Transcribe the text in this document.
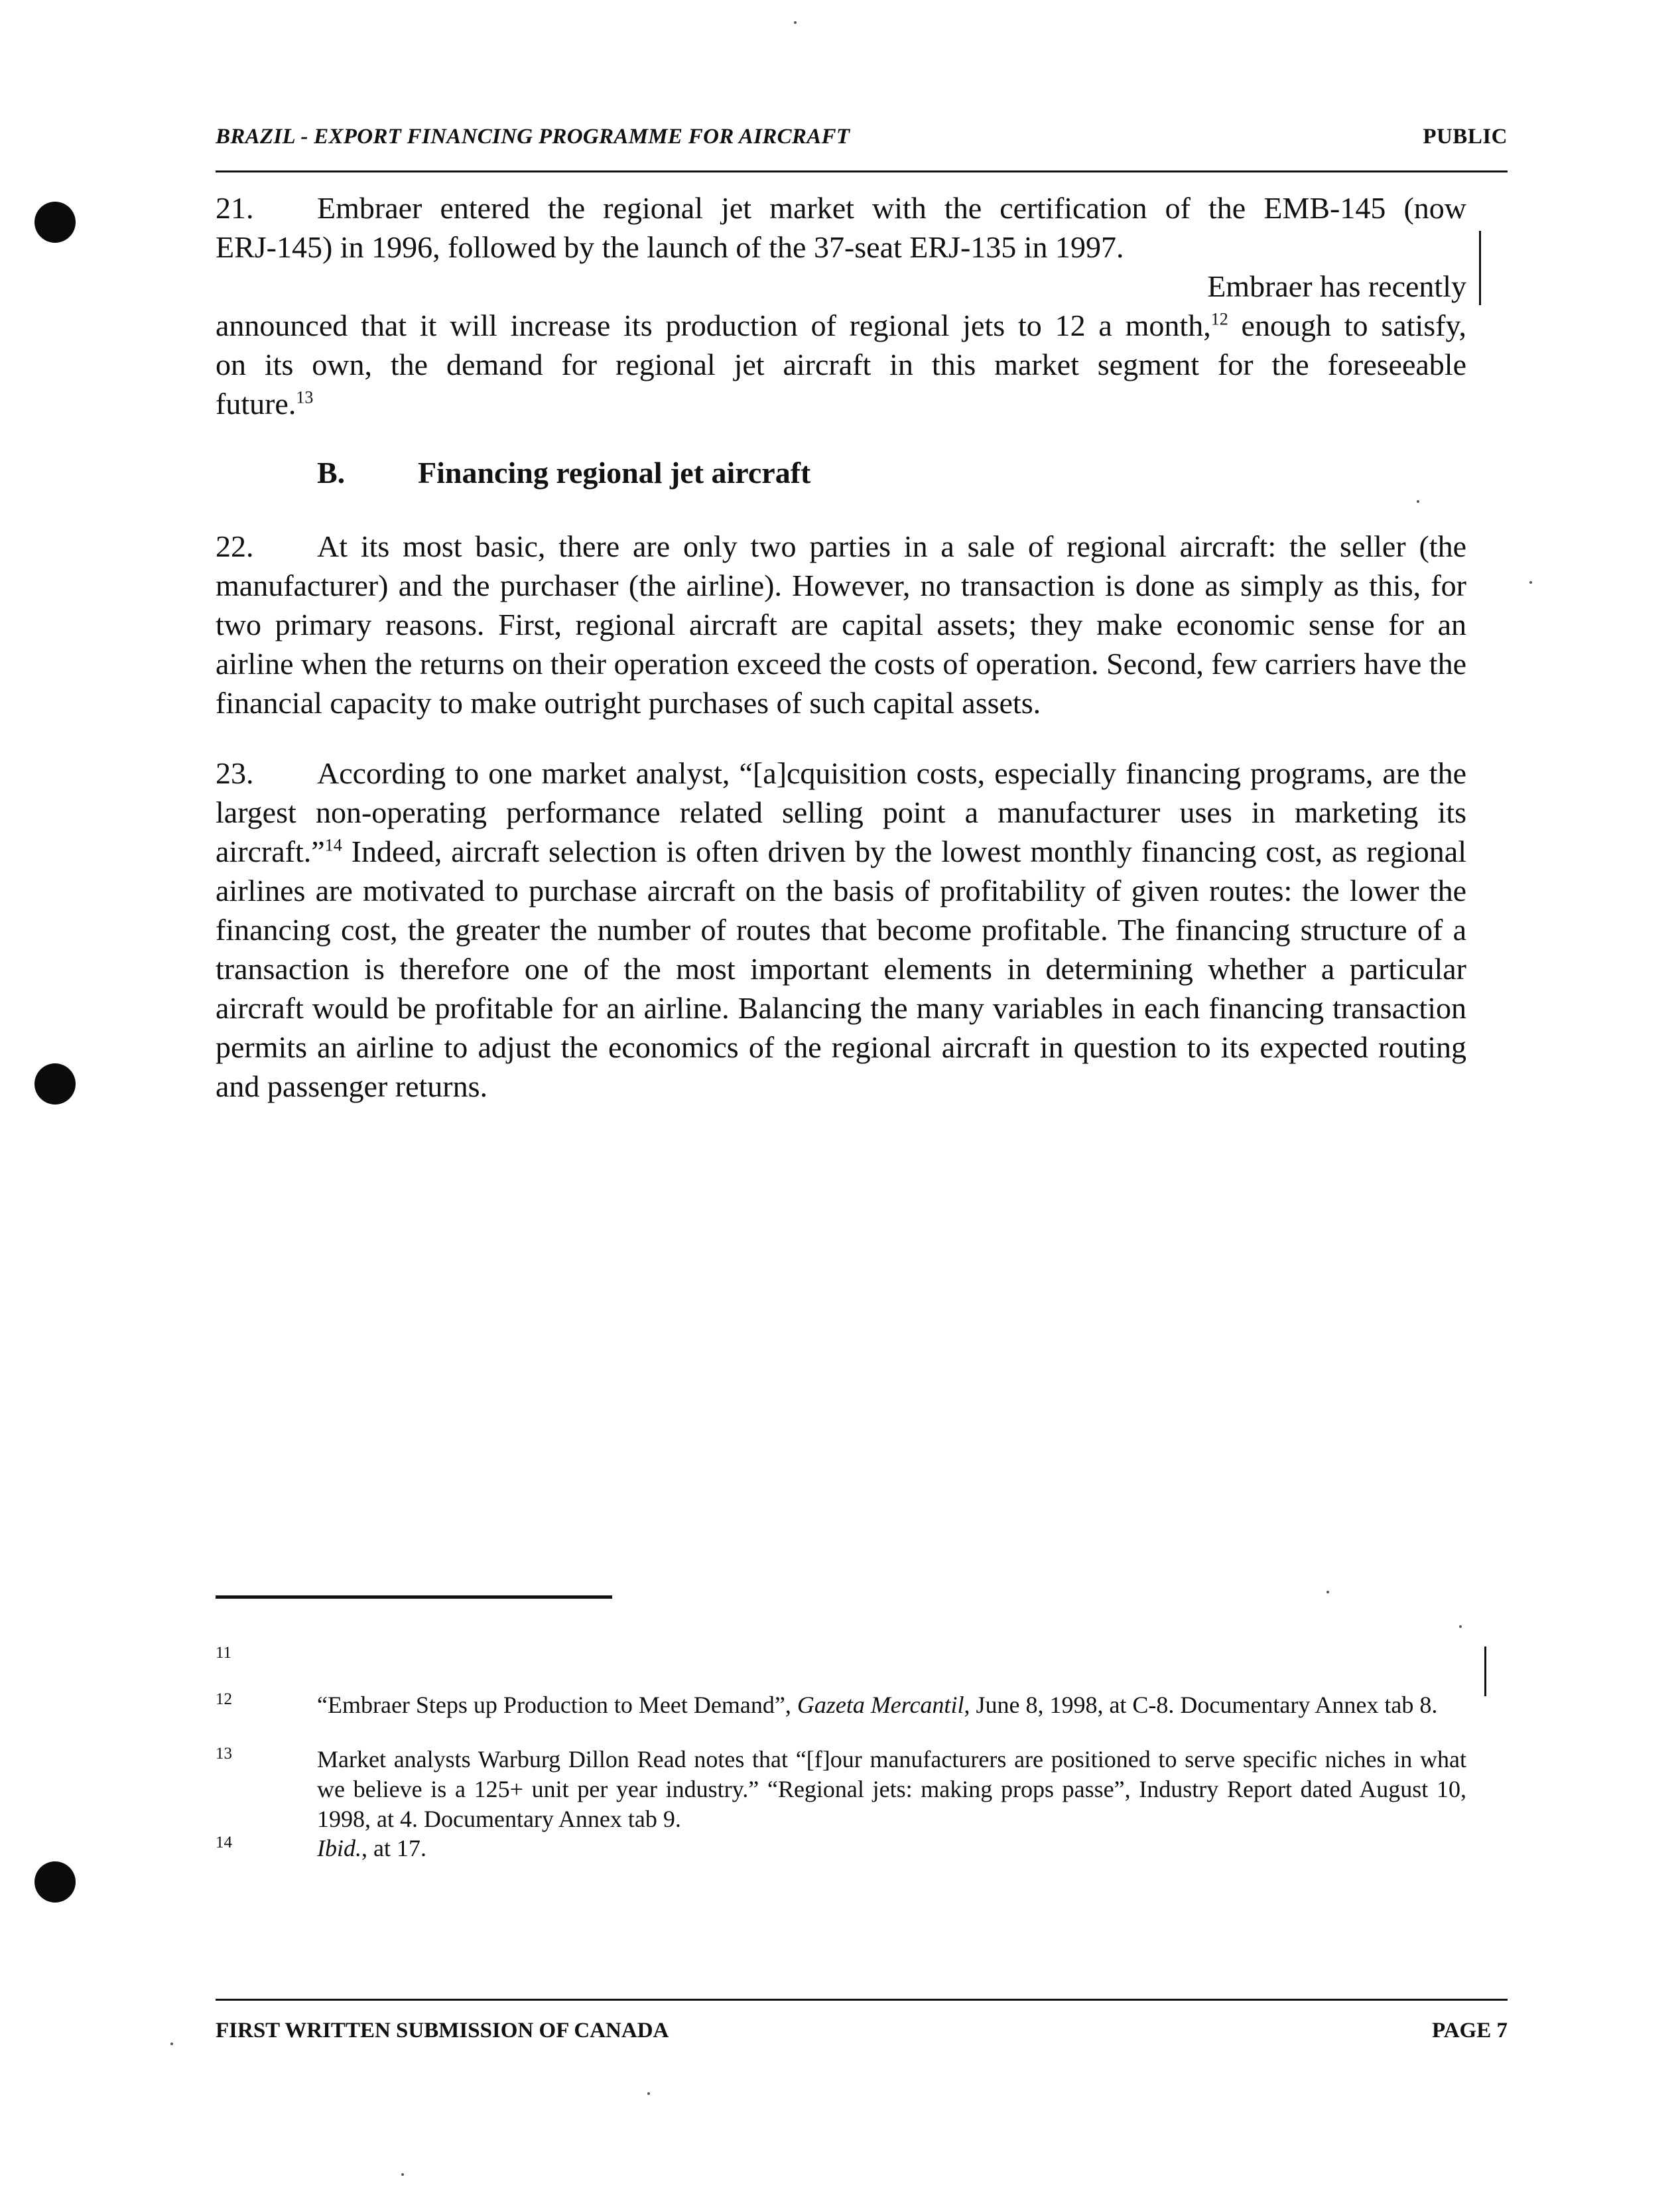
BRAZIL - EXPORT FINANCING PROGRAMME FOR AIRCRAFT	PUBLIC
21.	Embraer entered the regional jet market with the certification of the EMB-145 (now
ERJ-145) in 1996, followed by the launch of the 37-seat ERJ-135 in 1997.
Embraer has recently
announced that it will increase its production of regional jets to 12 a month,$^{12}$ enough to satisfy,
on its own, the demand for regional jet aircraft in this market segment for the foreseeable
future.$^{13}$
B. Financing regional jet aircraft

22. At its most basic, there are only two parties in a sale of regional aircraft: the seller (the manufacturer) and the purchaser (the airline). However, no transaction is done as simply as this, for two primary reasons. First, regional aircraft are capital assets; they make economic sense for an airline when the returns on their operation exceed the costs of operation. Second, few carriers have the financial capacity to make outright purchases of such capital assets.

23. According to one market analyst, “[a]cquisition costs, especially financing programs, are the largest non-operating performance related selling point a manufacturer uses in marketing its aircraft.”$^{14}$ Indeed, aircraft selection is often driven by the lowest monthly financing cost, as regional airlines are motivated to purchase aircraft on the basis of profitability of given routes: the lower the financing cost, the greater the number of routes that become profitable. The financing structure of a transaction is therefore one of the most important elements in determining whether a particular aircraft would be profitable for an airline. Balancing the many variables in each financing transaction permits an airline to adjust the economics of the regional aircraft in question to its expected routing and passenger returns.

11
12	“Embraer Steps up Production to Meet Demand”, Gazeta Mercantil, June 8, 1998, at C-8. Documentary Annex tab 8.
13	Market analysts Warburg Dillon Read notes that “[f]our manufacturers are positioned to serve specific niches in what we believe is a 125+ unit per year industry.” “Regional jets: making props passe”, Industry Report dated August 10, 1998, at 4. Documentary Annex tab 9.
14	Ibid., at 17.
FIRST WRITTEN SUBMISSION OF CANADA	PAGE 7
